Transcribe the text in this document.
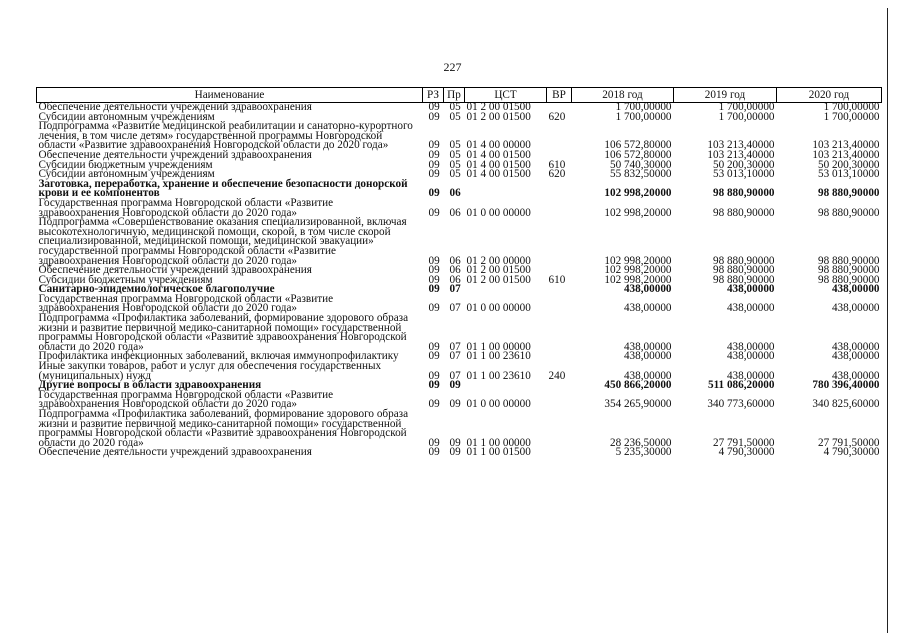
227
Наименование	РЗ	Пр	ЦСТ	ВР	2018 год	2019 год	2020 год
Обеспечение деятельности учреждений здравоохранения	09	05	01 2 00 01500		1 700,00000	1 700,00000	1 700,00000
Субсидии автономным учреждениям	09	05	01 2 00 01500	620	1 700,00000	1 700,00000	1 700,00000
Подпрограмма «Развитие медицинской реабилитации и санаторно-курортного лечения, в том числе детям» государственной программы Новгородской области «Развитие здравоохранения Новгородской области до 2020 года»	09	05	01 4 00 00000		106 572,80000	103 213,40000	103 213,40000
Обеспечение деятельности учреждений здравоохранения	09	05	01 4 00 01500		106 572,80000	103 213,40000	103 213,40000
Субсидии бюджетным учреждениям	09	05	01 4 00 01500	610	50 740,30000	50 200,30000	50 200,30000
Субсидии автономным учреждениям	09	05	01 4 00 01500	620	55 832,50000	53 013,10000	53 013,10000
Заготовка, переработка, хранение и обеспечение безопасности донорской крови и ее компонентов	09	06			102 998,20000	98 880,90000	98 880,90000
Государственная программа Новгородской области «Развитие здравоохранения Новгородской области до 2020 года»	09	06	01 0 00 00000		102 998,20000	98 880,90000	98 880,90000
Подпрограмма «Совершенствование оказания специализированной, включая высокотехнологичную, медицинской помощи, скорой, в том числе скорой специализированной, медицинской помощи, медицинской эвакуации» государственной программы Новгородской области «Развитие здравоохранения Новгородской области до 2020 года»	09	06	01 2 00 00000		102 998,20000	98 880,90000	98 880,90000
Обеспечение деятельности учреждений здравоохранения	09	06	01 2 00 01500		102 998,20000	98 880,90000	98 880,90000
Субсидии бюджетным учреждениям	09	06	01 2 00 01500	610	102 998,20000	98 880,90000	98 880,90000
Санитарно-эпидемиологическое благополучие	09	07			438,00000	438,00000	438,00000
Государственная программа Новгородской области «Развитие здравоохранения Новгородской области до 2020 года»	09	07	01 0 00 00000		438,00000	438,00000	438,00000
Подпрограмма «Профилактика заболеваний, формирование здорового образа жизни и развитие первичной медико-санитарной помощи» государственной программы Новгородской области «Развитие здравоохранения Новгородской области до 2020 года»	09	07	01 1 00 00000		438,00000	438,00000	438,00000
Профилактика инфекционных заболеваний, включая иммунопрофилактику	09	07	01 1 00 23610		438,00000	438,00000	438,00000
Иные закупки товаров, работ и услуг для обеспечения государственных (муниципальных) нужд	09	07	01 1 00 23610	240	438,00000	438,00000	438,00000
Другие вопросы в области здравоохранения	09	09			450 866,20000	511 086,20000	780 396,40000
Государственная программа Новгородской области «Развитие здравоохранения Новгородской области до 2020 года»	09	09	01 0 00 00000		354 265,90000	340 773,60000	340 825,60000
Подпрограмма «Профилактика заболеваний, формирование здорового образа жизни и развитие первичной медико-санитарной помощи» государственной программы Новгородской области «Развитие здравоохранения Новгородской области до 2020 года»	09	09	01 1 00 00000		28 236,50000	27 791,50000	27 791,50000
Обеспечение деятельности учреждений здравоохранения	09	09	01 1 00 01500		5 235,30000	4 790,30000	4 790,30000
